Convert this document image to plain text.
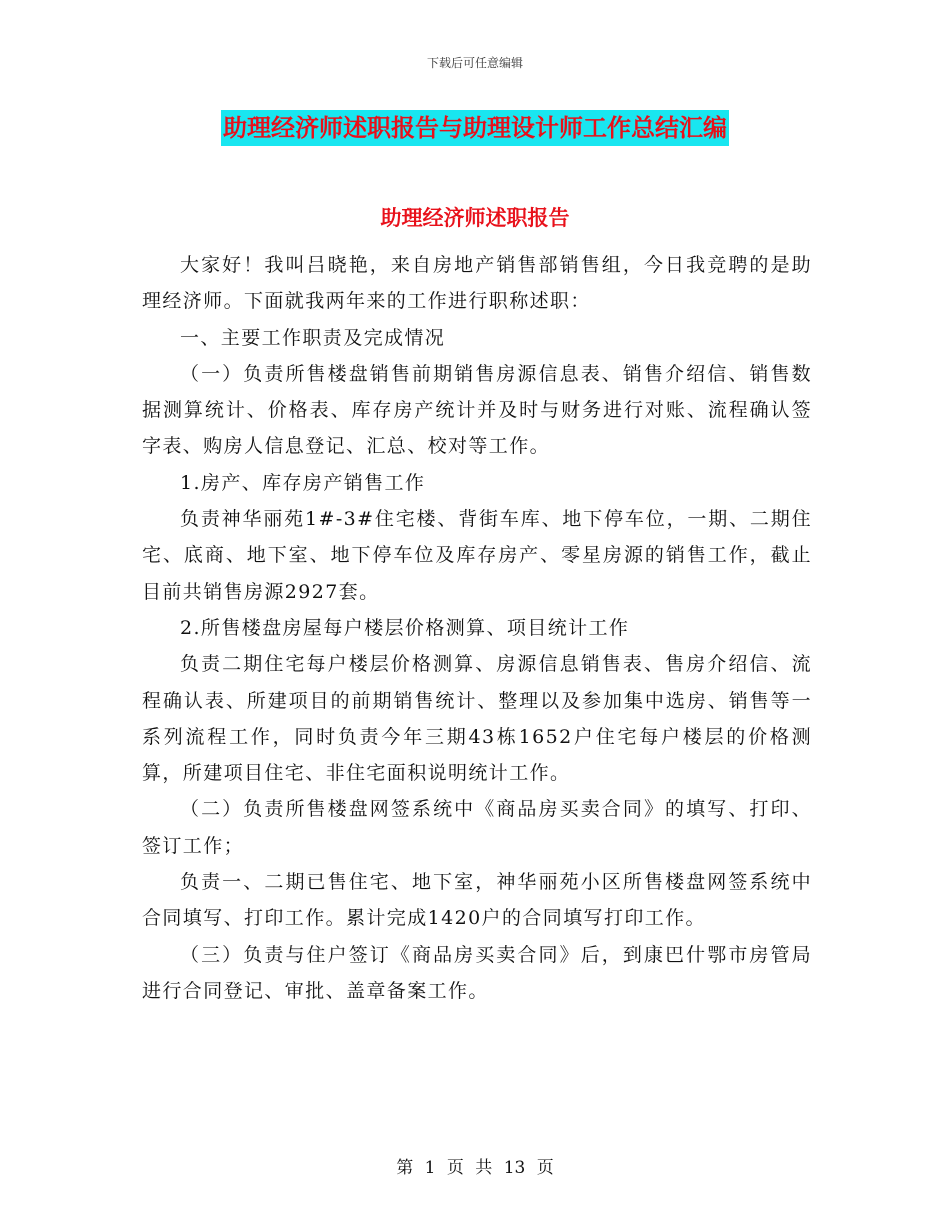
下载后可任意编辑
助理经济师述职报告与助理设计师工作总结汇编
助理经济师述职报告

大家好！我叫吕晓艳，来自房地产销售部销售组，今日我竞聘的是助理经济师。下面就我两年来的工作进行职称述职：

一、主要工作职责及完成情况

（一）负责所售楼盘销售前期销售房源信息表、销售介绍信、销售数据测算统计、价格表、库存房产统计并及时与财务进行对账、流程确认签字表、购房人信息登记、汇总、校对等工作。

1.房产、库存房产销售工作

负责神华丽苑1#-3#住宅楼、背街车库、地下停车位，一期、二期住宅、底商、地下室、地下停车位及库存房产、零星房源的销售工作，截止目前共销售房源2927套。

2.所售楼盘房屋每户楼层价格测算、项目统计工作

负责二期住宅每户楼层价格测算、房源信息销售表、售房介绍信、流程确认表、所建项目的前期销售统计、整理以及参加集中选房、销售等一系列流程工作，同时负责今年三期43栋1652户住宅每户楼层的价格测算，所建项目住宅、非住宅面积说明统计工作。

（二）负责所售楼盘网签系统中《商品房买卖合同》的填写、打印、签订工作；

负责一、二期已售住宅、地下室，神华丽苑小区所售楼盘网签系统中合同填写、打印工作。累计完成1420户的合同填写打印工作。

（三）负责与住户签订《商品房买卖合同》后，到康巴什鄂市房管局进行合同登记、审批、盖章备案工作。

第 1 页 共 13 页
